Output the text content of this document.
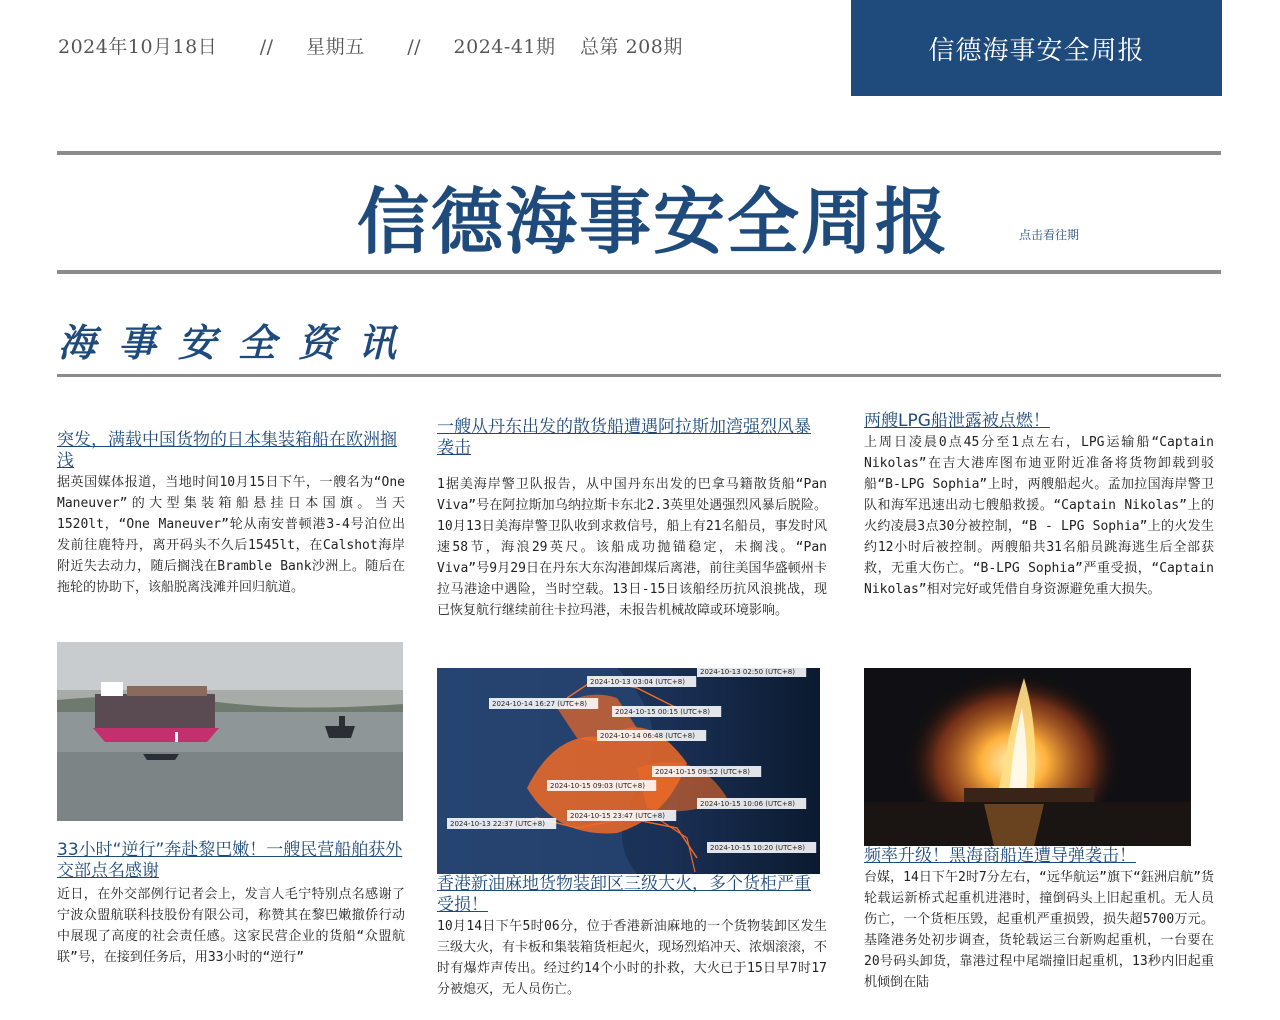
2024年10月18日 // 星期五 // 2024-41期 总第 208期	信德海事安全周报
信德海事安全周报	点击看往期
海事安全资讯
突发，满载中国货物的日本集装箱船在欧洲搁浅
据英国媒体报道，当地时间10月15日下午，一艘名为“One Maneuver”的大型集装箱船悬挂日本国旗。当天1520lt，“One Maneuver”轮从南安普顿港3-4号泊位出发前往鹿特丹，离开码头不久后1545lt，在Calshot海岸附近失去动力，随后搁浅在Bramble Bank沙洲上。随后在拖轮的协助下，该船脱离浅滩并回归航道。
33小时“逆行”奔赴黎巴嫩！一艘民营船舶获外交部点名感谢
近日，在外交部例行记者会上，发言人毛宁特别点名感谢了宁波众盟航联科技股份有限公司，称赞其在黎巴嫩撤侨行动中展现了高度的社会责任感。这家民营企业的货船“众盟航联”号，在接到任务后，用33小时的“逆行”
一艘从丹东出发的散货船遭遇阿拉斯加湾强烈风暴袭击
1据美海岸警卫队报告，从中国丹东出发的巴拿马籍散货船“Pan Viva”号在阿拉斯加乌纳拉斯卡东北2.3英里处遇强烈风暴后脱险。10月13日美海岸警卫队收到求救信号，船上有21名船员，事发时风速58节，海浪29英尺。该船成功抛锚稳定，未搁浅。“Pan Viva”号9月29日在丹东大东沟港卸煤后离港，前往美国华盛顿州卡拉马港途中遇险，当时空载。13日-15日该船经历抗风浪挑战，现已恢复航行继续前往卡拉玛港，未报告机械故障或环境影响。
2024-10-13 03:04 (UTC+8)
2024-10-13 02:50 (UTC+8)
2024-10-14 16:27 (UTC+8)
2024-10-15 00:15 (UTC+8)
2024-10-14 06:48 (UTC+8)
2024-10-15 09:52 (UTC+8)
2024-10-15 09:03 (UTC+8)
2024-10-15 10:06 (UTC+8)
2024-10-13 22:37 (UTC+8)
2024-10-15 23:47 (UTC+8)
2024-10-15 10:20 (UTC+8)
香港新油麻地货物装卸区三级大火，多个货柜严重受损！
10月14日下午5时06分，位于香港新油麻地的一个货物装卸区发生三级大火，有卡板和集装箱货柜起火，现场烈焰冲天、浓烟滚滚，不时有爆炸声传出。经过约14个小时的扑救，大火已于15日早7时17分被熄灭，无人员伤亡。
两艘LPG船泄露被点燃！
上周日凌晨0点45分至1点左右，LPG运输船“Captain Nikolas”在吉大港库图布迪亚附近准备将货物卸载到驳船“B-LPG Sophia”上时，两艘船起火。孟加拉国海岸警卫队和海军迅速出动七艘船救援。“Captain Nikolas”上的火约凌晨3点30分被控制，“B - LPG Sophia”上的火发生约12小时后被控制。两艘船共31名船员跳海逃生后全部获救，无重大伤亡。“B-LPG Sophia”严重受损，“Captain Nikolas”相对完好或凭借自身资源避免重大损失。
频率升级！黑海商船连遭导弹袭击！
台媒，14日下午2时7分左右，“远华航运”旗下“鈺洲启航”货轮载运新桥式起重机进港时，撞倒码头上旧起重机。无人员伤亡，一个货柜压毁，起重机严重损毁，损失超5700万元。基隆港务处初步调查，货轮载运三台新购起重机，一台要在20号码头卸货，靠港过程中尾端撞旧起重机，13秒内旧起重机倾倒在陆
